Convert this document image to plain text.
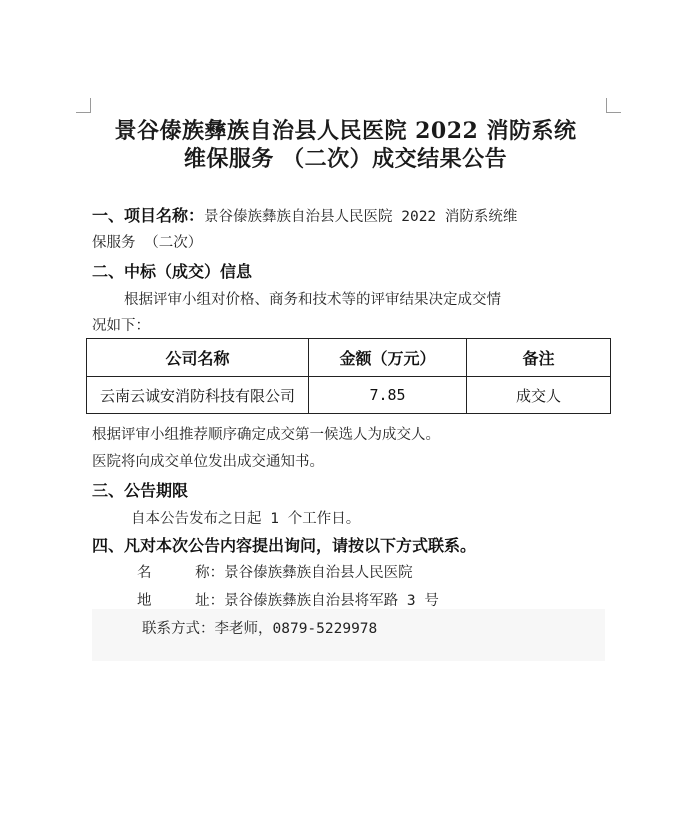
景谷傣族彝族自治县人民医院 2022 消防系统
维保服务 （二次）成交结果公告
一、项目名称：景谷傣族彝族自治县人民医院 2022 消防系统维
保服务 （二次）
二、中标（成交）信息
根据评审小组对价格、商务和技术等的评审结果决定成交情
况如下：
公司名称	金额（万元）	备注
云南云诚安消防科技有限公司	7.85	成交人
根据评审小组推荐顺序确定成交第一候选人为成交人。
医院将向成交单位发出成交通知书。
三、公告期限
自本公告发布之日起 1 个工作日。
四、凡对本次公告内容提出询问，请按以下方式联系。
名     称：景谷傣族彝族自治县人民医院
地     址：景谷傣族彝族自治县将军路 3 号
联系方式：李老师，0879-5229978
